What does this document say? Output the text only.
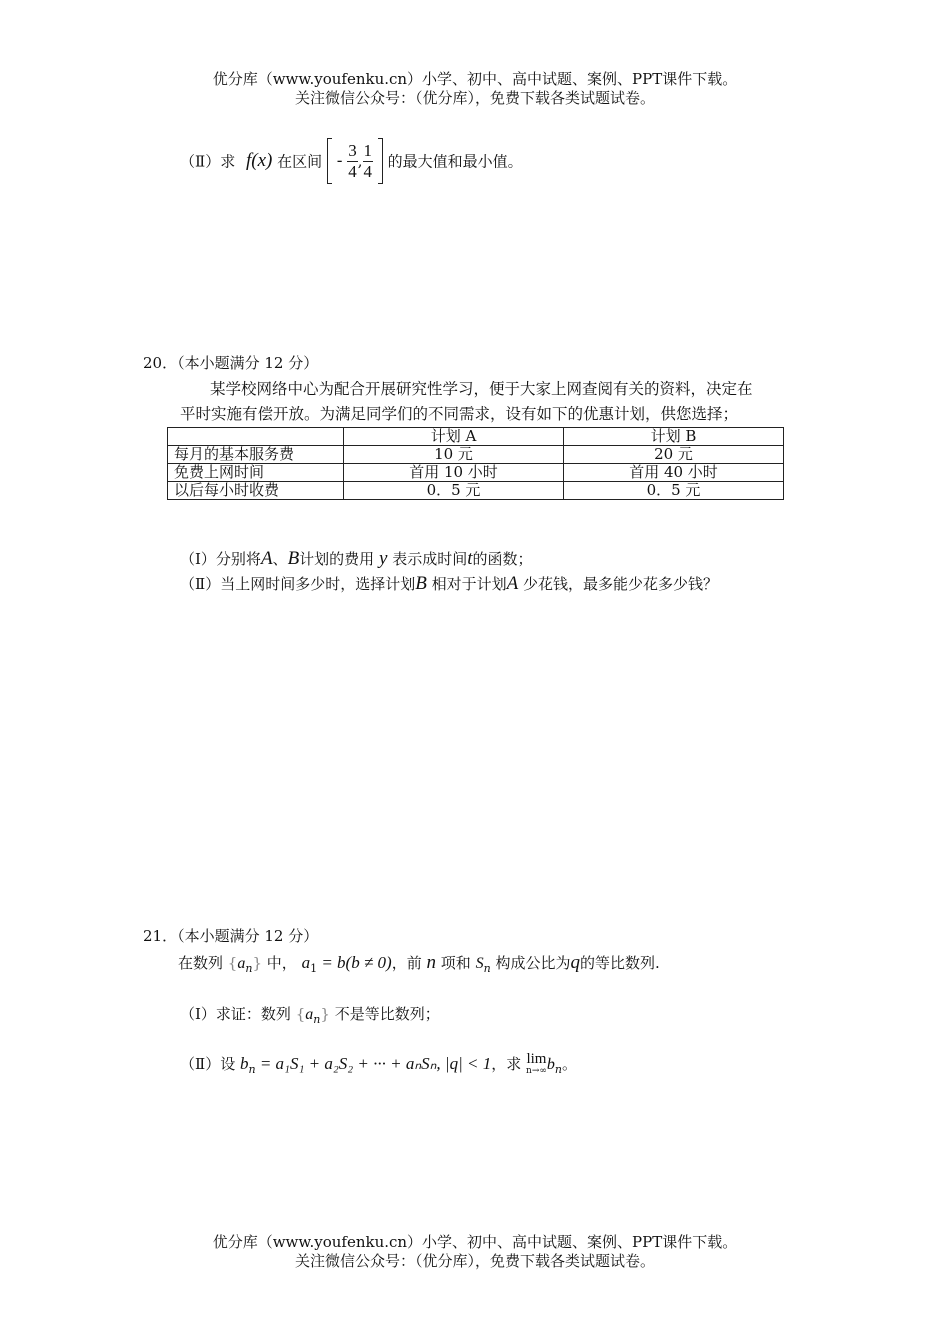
优分库（www.youfenku.cn）小学、初中、高中试题、案例、PPT课件下载。
关注微信公众号：（优分库），免费下载各类试题试卷。
（Ⅱ）求 f(x) 在区间 - $\frac{3}{4}$ , $\frac{1}{4}$ 的最大值和最小值。
20．（本小题满分 12 分）
某学校网络中心为配合开展研究性学习，便于大家上网查阅有关的资料，决定在
平时实施有偿开放。为满足同学们的不同需求，设有如下的优惠计划，供您选择；
	计划 A	计划 B
每月的基本服务费	10 元	20 元
免费上网时间	首用 10 小时	首用 40 小时
以后每小时收费	0．5 元	0．5 元
（Ⅰ）分别将A、B计划的费用 y 表示成时间t的函数；
（Ⅱ）当上网时间多少时，选择计划B 相对于计划A 少花钱，最多能少花多少钱？
21．（本小题满分 12 分）
在数列 $\{a_n\}$ 中， $a_1 = b(b \ne 0)$，前 n 项和 $S_n$ 构成公比为q的等比数列.
（Ⅰ）求证：数列 $\{a_n\}$ 不是等比数列；
（Ⅱ）设 $b_n = a_1S_1 + a_2S_2$ + ··· + aₙSₙ, |q| < 1，求 lim
n→∞ $b_n$。
优分库（www.youfenku.cn）小学、初中、高中试题、案例、PPT课件下载。
关注微信公众号：（优分库），免费下载各类试题试卷。
